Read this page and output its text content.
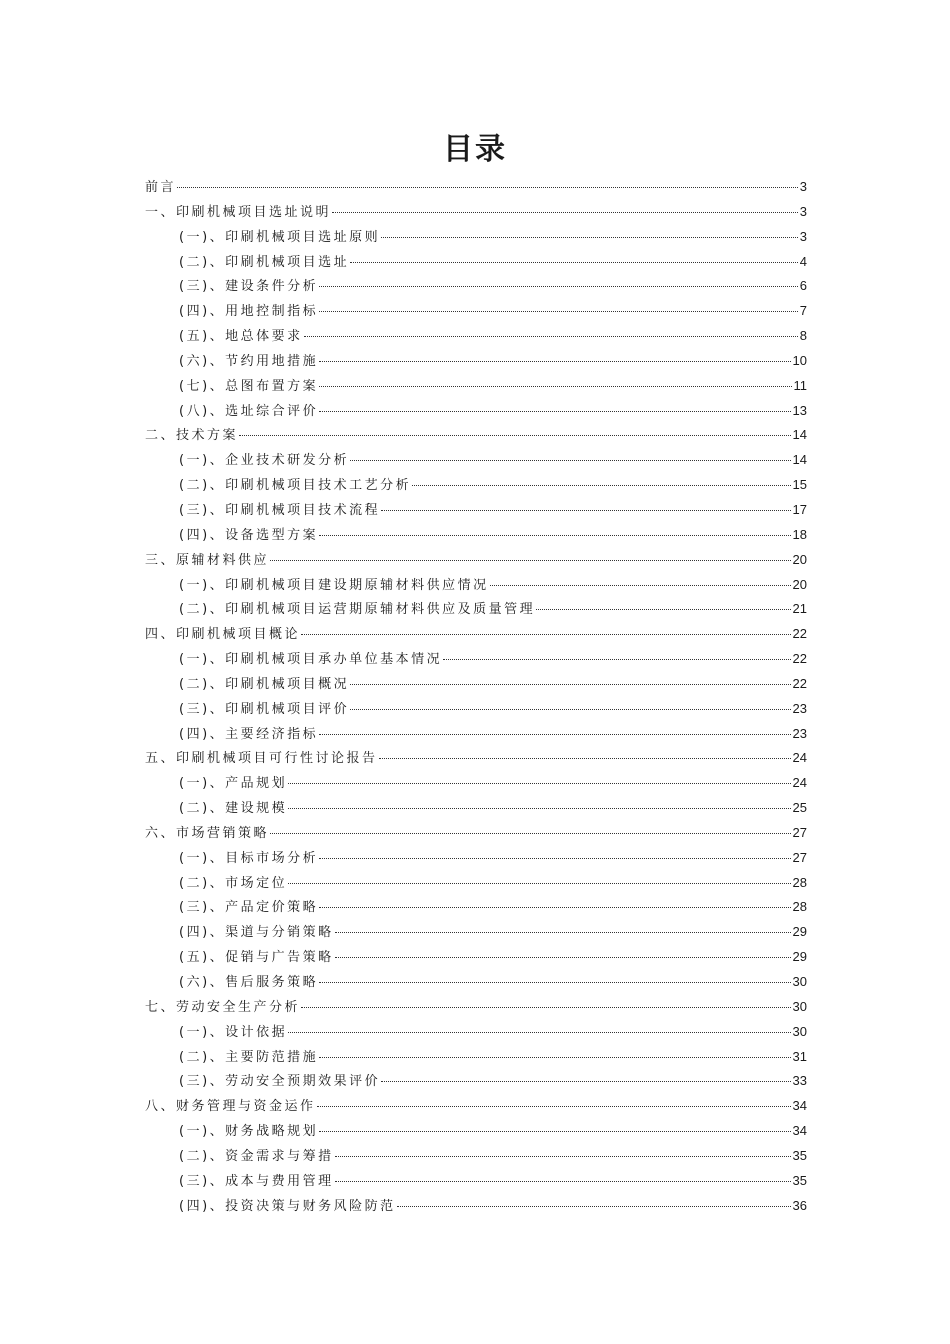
目录
前言	3
一、印刷机械项目选址说明	3
(一)、印刷机械项目选址原则	3
(二)、印刷机械项目选址	4
(三)、建设条件分析	6
(四)、用地控制指标	7
(五)、地总体要求	8
(六)、节约用地措施	10
(七)、总图布置方案	11
(八)、选址综合评价	13
二、技术方案	14
(一)、企业技术研发分析	14
(二)、印刷机械项目技术工艺分析	15
(三)、印刷机械项目技术流程	17
(四)、设备选型方案	18
三、原辅材料供应	20
(一)、印刷机械项目建设期原辅材料供应情况	20
(二)、印刷机械项目运营期原辅材料供应及质量管理	21
四、印刷机械项目概论	22
(一)、印刷机械项目承办单位基本情况	22
(二)、印刷机械项目概况	22
(三)、印刷机械项目评价	23
(四)、主要经济指标	23
五、印刷机械项目可行性讨论报告	24
(一)、产品规划	24
(二)、建设规模	25
六、市场营销策略	27
(一)、目标市场分析	27
(二)、市场定位	28
(三)、产品定价策略	28
(四)、渠道与分销策略	29
(五)、促销与广告策略	29
(六)、售后服务策略	30
七、劳动安全生产分析	30
(一)、设计依据	30
(二)、主要防范措施	31
(三)、劳动安全预期效果评价	33
八、财务管理与资金运作	34
(一)、财务战略规划	34
(二)、资金需求与筹措	35
(三)、成本与费用管理	35
(四)、投资决策与财务风险防范	36
